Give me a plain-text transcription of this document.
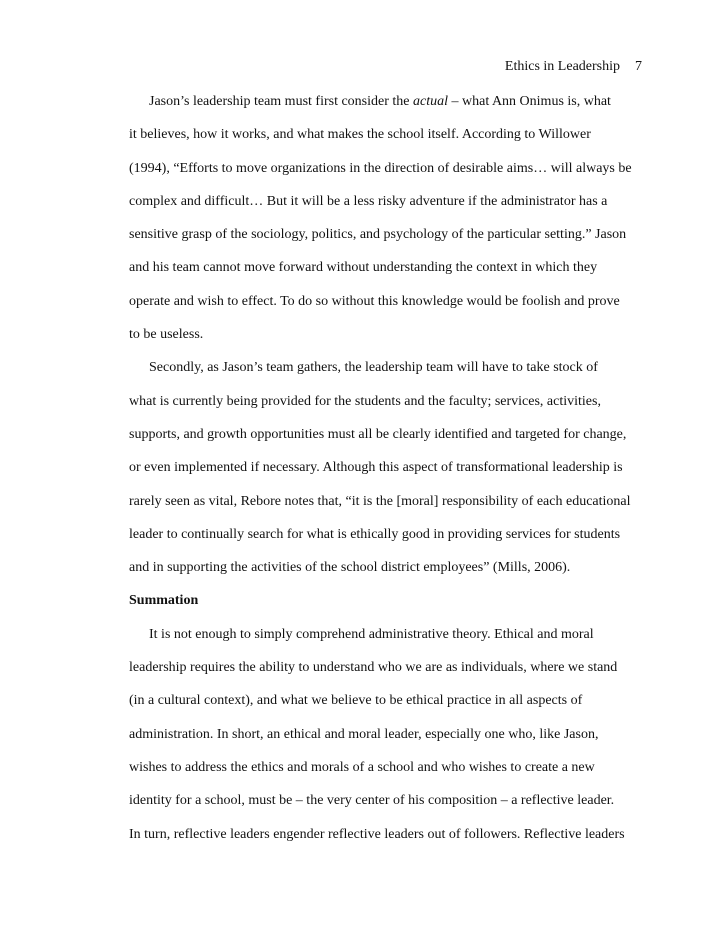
Ethics in Leadership 7
Jason’s leadership team must first consider the actual – what Ann Onimus is, what
it believes, how it works, and what makes the school itself. According to Willower
(1994), “Efforts to move organizations in the direction of desirable aims… will always be
complex and difficult… But it will be a less risky adventure if the administrator has a
sensitive grasp of the sociology, politics, and psychology of the particular setting.” Jason
and his team cannot move forward without understanding the context in which they
operate and wish to effect. To do so without this knowledge would be foolish and prove
to be useless.
Secondly, as Jason’s team gathers, the leadership team will have to take stock of
what is currently being provided for the students and the faculty; services, activities,
supports, and growth opportunities must all be clearly identified and targeted for change,
or even implemented if necessary. Although this aspect of transformational leadership is
rarely seen as vital, Rebore notes that, “it is the [moral] responsibility of each educational
leader to continually search for what is ethically good in providing services for students
and in supporting the activities of the school district employees” (Mills, 2006).
Summation
It is not enough to simply comprehend administrative theory. Ethical and moral
leadership requires the ability to understand who we are as individuals, where we stand
(in a cultural context), and what we believe to be ethical practice in all aspects of
administration. In short, an ethical and moral leader, especially one who, like Jason,
wishes to address the ethics and morals of a school and who wishes to create a new
identity for a school, must be – the very center of his composition – a reflective leader.
In turn, reflective leaders engender reflective leaders out of followers. Reflective leaders
